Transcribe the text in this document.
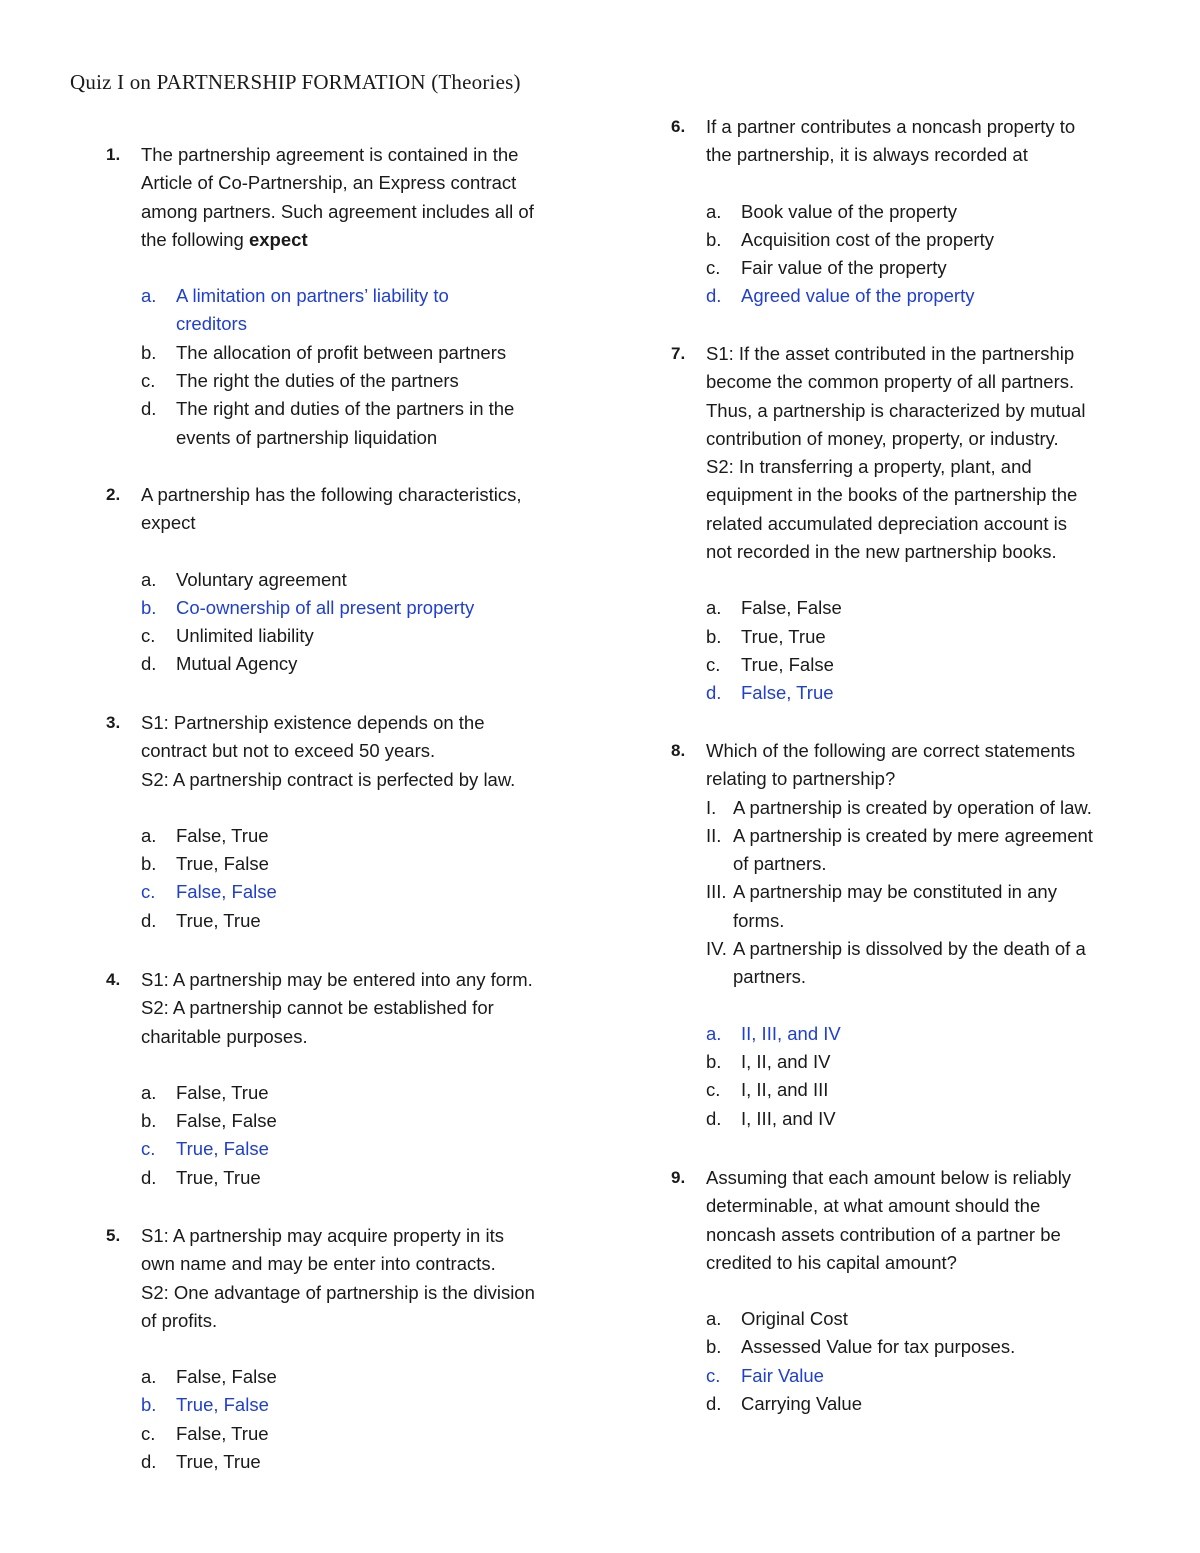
Quiz I on PARTNERSHIP FORMATION (Theories)
1. The partnership agreement is contained in the
Article of Co-Partnership, an Express contract
among partners. Such agreement includes all of
the following expect

a. A limitation on partners’ liability to
creditors
b. The allocation of profit between partners
c. The right the duties of the partners
d. The right and duties of the partners in the
events of partnership liquidation
2. A partnership has the following characteristics,
expect

a. Voluntary agreement
b. Co-ownership of all present property
c. Unlimited liability
d. Mutual Agency
3. S1: Partnership existence depends on the
contract but not to exceed 50 years.
S2: A partnership contract is perfected by law.

a. False, True
b. True, False
c. False, False
d. True, True
4. S1: A partnership may be entered into any form.
S2: A partnership cannot be established for
charitable purposes.

a. False, True
b. False, False
c. True, False
d. True, True
5. S1: A partnership may acquire property in its
own name and may be enter into contracts.
S2: One advantage of partnership is the division
of profits.

a. False, False
b. True, False
c. False, True
d. True, True
6. If a partner contributes a noncash property to
the partnership, it is always recorded at

a. Book value of the property
b. Acquisition cost of the property
c. Fair value of the property
d. Agreed value of the property
7. S1: If the asset contributed in the partnership
become the common property of all partners.
Thus, a partnership is characterized by mutual
contribution of money, property, or industry.
S2: In transferring a property, plant, and
equipment in the books of the partnership the
related accumulated depreciation account is
not recorded in the new partnership books.

a. False, False
b. True, True
c. True, False
d. False, True
8. Which of the following are correct statements
relating to partnership?

I. A partnership is created by operation of law.
II. A partnership is created by mere agreement
of partners.
III. A partnership may be constituted in any
forms.
IV. A partnership is dissolved by the death of a
partners.
a. II, III, and IV
b. I, II, and IV
c. I, II, and III
d. I, III, and IV
9. Assuming that each amount below is reliably
determinable, at what amount should the
noncash assets contribution of a partner be
credited to his capital amount?

a. Original Cost
b. Assessed Value for tax purposes.
c. Fair Value
d. Carrying Value
